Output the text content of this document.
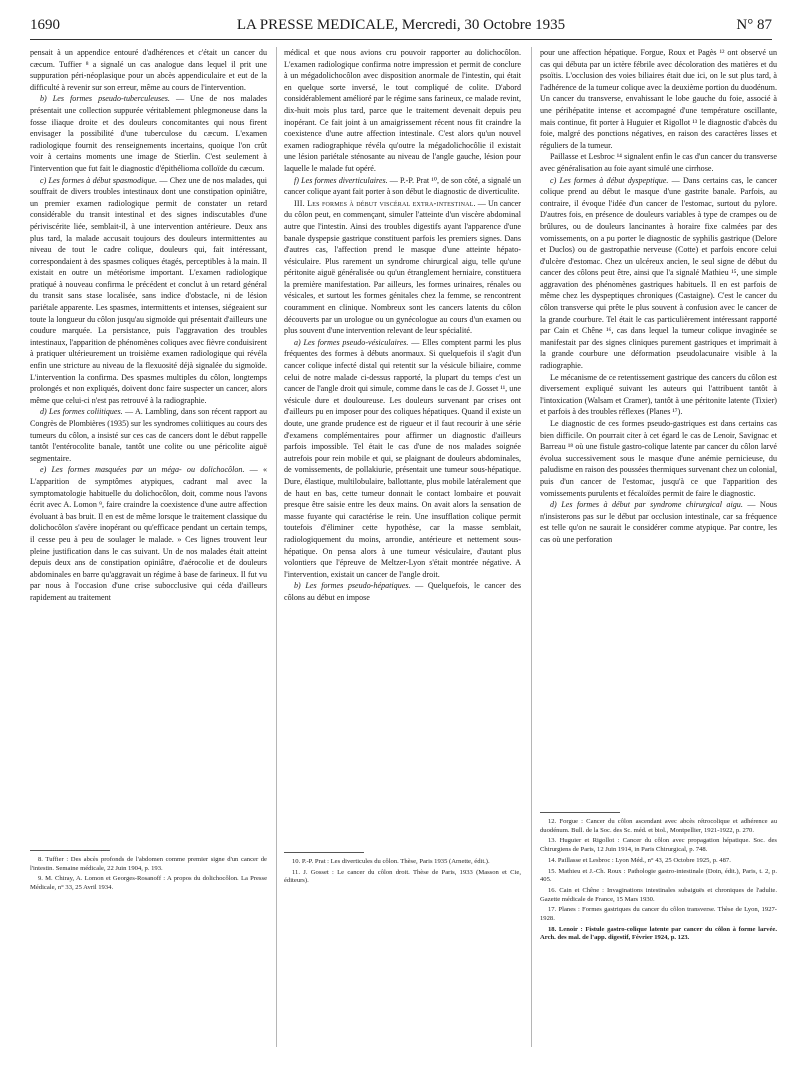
1690	LA PRESSE MEDICALE, Mercredi, 30 Octobre 1935	N° 87

pensait à un appendice entouré d'adhérences et c'était un cancer du cæcum. Tuffier ⁸ a signalé un cas analogue dans lequel il prit une suppuration péri-néoplasique pour un abcès appendiculaire et eut de la difficulté à revenir sur son erreur, même au cours de l'intervention.

b) Les formes pseudo-tuberculeuses. — Une de nos malades présentait une collection suppurée véritablement phlegmoneuse dans la fosse iliaque droite et des douleurs concomitantes qui nous firent envisager la possibilité d'une tuberculose du cæcum. L'examen radiologique fournit des renseignements incertains, quoique l'on crût voir à certains moments une image de Stierlin. C'est seulement à l'intervention que fut fait le diagnostic d'épithélioma colloïde du cæcum.

c) Les formes à début spasmodique. — Chez une de nos malades, qui souffrait de divers troubles intestinaux dont une constipation opiniâtre, un premier examen radiologique permit de constater un retard considérable du transit intestinal et des signes indiscutables d'une périviscérite liée, semblait-il, à une intervention antérieure. Deux ans plus tard, la malade accusait toujours des douleurs intermittentes au niveau de tout le cadre colique, douleurs qui, fait intéressant, correspondaient à des spasmes coliques étagés, perceptibles à la main. Il existait en outre un météorisme important. L'examen radiologique pratiqué à nouveau confirma le précédent et conclut à un retard général du transit sans stase localisée, sans indice d'obstacle, ni de lésion pariétale apparente. Les spasmes, intermittents et intenses, siégeaient sur toute la longueur du côlon jusqu'au sigmoïde qui présentait d'ailleurs une coudure marquée. La persistance, puis l'aggravation des troubles intestinaux, l'apparition de phénomènes coliques avec fièvre conduisirent à pratiquer ultérieurement un troisième examen radiologique qui révéla enfin une stricture au niveau de la flexuosité déjà signalée du sigmoïde. L'intervention la confirma. Des spasmes multiples du côlon, longtemps prolongés et non expliqués, doivent donc faire suspecter un cancer, alors même que celui-ci n'est pas retrouvé à la radiographie.

d) Les formes coliitiques. — A. Lambling, dans son récent rapport au Congrès de Plombières (1935) sur les syndromes coliitiques au cours des tumeurs du côlon, a insisté sur ces cas de cancers dont le début rappelle tantôt l'entérocolite banale, tantôt une colite ou une péricolite aiguë segmentaire.

e) Les formes masquées par un méga- ou dolichocôlon. — « L'apparition de symptômes atypiques, cadrant mal avec la symptomatologie habituelle du dolichocôlon, doit, comme nous l'avons écrit avec A. Lomon ⁹, faire craindre la coexistence d'une autre affection évoluant à bas bruit. Il en est de même lorsque le traitement classique du dolichocôlon s'avère inopérant ou qu'efficace pendant un certain temps, il cesse peu à peu de soulager le malade. » Ces lignes trouvent leur pleine justification dans le cas suivant. Un de nos malades était atteint depuis deux ans de constipation opiniâtre, d'aérocolie et de douleurs abdominales en barre qu'aggravait un régime à base de farineux. Il fut vu par nous à l'occasion d'une crise subocclusive qui céda d'ailleurs rapidement au traitement

médical et que nous avions cru pouvoir rapporter au dolichocôlon. L'examen radiologique confirma notre impression et permit de conclure à un mégadolichocôlon avec disposition anormale de l'intestin, qui était en quelque sorte inversé, le tout compliqué de colite. D'abord considérablement amélioré par le régime sans farineux, ce malade revint, dix-huit mois plus tard, parce que le traitement devenait depuis peu inopérant. Ce fait joint à un amaigrissement récent nous fit craindre la coexistence d'une autre affection intestinale. C'est alors qu'un nouvel examen radiographique révéla qu'outre la mégadolichocôlie il existait une lésion pariétale sténosante au niveau de l'angle gauche, lésion pour laquelle le malade fut opéré.

f) Les formes diverticulaires. — P.-P. Prat ¹⁰, de son côté, a signalé un cancer colique ayant fait porter à son début le diagnostic de diverticulite.

III. Les formes à début viscéral extra-intestinal. — Un cancer du côlon peut, en commençant, simuler l'atteinte d'un viscère abdominal autre que l'intestin. Ainsi des troubles digestifs ayant l'apparence d'une banale dyspepsie gastrique constituent parfois les premiers signes. Dans d'autres cas, l'affection prend le masque d'une atteinte hépato-vésiculaire. Plus rarement un syndrome chirurgical aigu, telle qu'une péritonite aiguë généralisée ou qu'un étranglement herniaire, constituera la première manifestation. Par ailleurs, les formes urinaires, rénales ou vésicales, et surtout les formes génitales chez la femme, se rencontrent couramment en clinique. Nombreux sont les cancers latents du côlon découverts par un urologue ou un gynécologue au cours d'un examen ou plus souvent d'une intervention relevant de leur spécialité.

a) Les formes pseudo-vésiculaires. — Elles comptent parmi les plus fréquentes des formes à débuts anormaux. Si quelquefois il s'agit d'un cancer colique infecté distal qui retentit sur la vésicule biliaire, comme celui de notre malade ci-dessus rapporté, la plupart du temps c'est un cancer de l'angle droit qui simule, comme dans le cas de J. Gosset ¹¹, une vésicule dure et douloureuse. Les douleurs survenant par crises ont d'ailleurs pu en imposer pour des coliques hépatiques. Quand il existe un doute, une grande prudence est de rigueur et il faut recourir à une série d'examens complémentaires pour affirmer un diagnostic d'ailleurs parfois impossible. Tel était le cas d'une de nos malades soignée autrefois pour rein mobile et qui, se plaignant de douleurs abdominales, de vomissements, de pollakiurie, présentait une tumeur sous-hépatique. Dure, élastique, multilobulaire, ballottante, plus mobile latéralement que de haut en bas, cette tumeur donnait le contact lombaire et pouvait presque être saisie entre les deux mains. On avait alors la sensation de masse fuyante qui caractérise le rein. Une insufflation colique permit toutefois d'éliminer cette hypothèse, car la masse semblait, radiologiquement du moins, arrondie, antérieure et nettement sous-hépatique. On pensa alors à une tumeur vésiculaire, d'autant plus volontiers que l'épreuve de Meltzer-Lyon s'était montrée négative. A l'intervention, existait un cancer de l'angle droit.

b) Les formes pseudo-hépatiques. — Quelquefois, le cancer des côlons au début en impose

pour une affection hépatique. Forgue, Roux et Pagès ¹² ont observé un cas qui débuta par un ictère fébrile avec décoloration des matières et du psoïtis. L'occlusion des voies biliaires était due ici, on le sut plus tard, à l'adhérence de la tumeur colique avec la deuxième portion du duodénum. Un cancer du transverse, envahissant le lobe gauche du foie, associé à une périhépatite intense et accompagné d'une température oscillante, mais continue, fit porter à Huguier et Rigollot ¹³ le diagnostic d'abcès du foie, malgré des ponctions négatives, en raison des caractères lisses et réguliers de la tumeur.

Paillasse et Lesbroc ¹⁴ signalent enfin le cas d'un cancer du transverse avec généralisation au foie ayant simulé une cirrhose.

c) Les formes à début dyspeptique. — Dans certains cas, le cancer colique prend au début le masque d'une gastrite banale. Parfois, au contraire, il évoque l'idée d'un cancer de l'estomac, surtout du pylore. D'autres fois, en présence de douleurs variables à type de crampes ou de brûlures, ou de douleurs lancinantes à horaire fixe calmées par des vomissements, on a pu porter le diagnostic de syphilis gastrique (Delore et Duclos) ou de gastropathie nerveuse (Cotte) et parfois encore celui d'ulcère d'estomac. Chez un ulcéreux ancien, le seul signe de début du cancer des côlons peut être, ainsi que l'a signalé Mathieu ¹⁵, une simple aggravation des phénomènes gastriques habituels. Il en est parfois de même chez les dyspeptiques chroniques (Castaigne). C'est le cancer du côlon transverse qui prête le plus souvent à confusion avec le cancer de la grande courbure. Tel était le cas particulièrement intéressant rapporté par Cain et Chêne ¹⁶, cas dans lequel la tumeur colique invaginée se manifestait par des signes cliniques purement gastriques et imprimait à la grande courbure une déformation pseudolacunaire visible à la radiographie.

Le mécanisme de ce retentissement gastrique des cancers du côlon est diversement expliqué suivant les auteurs qui l'attribuent tantôt à l'intoxication (Walsam et Cramer), tantôt à une péritonite latente (Tixier) et parfois à des troubles réflexes (Planes ¹⁷).

Le diagnostic de ces formes pseudo-gastriques est dans certains cas bien difficile. On pourrait citer à cet égard le cas de Lenoir, Savignac et Barreau ¹⁸ où une fistule gastro-colique latente par cancer du côlon larvé évolua successivement sous le masque d'une anémie pernicieuse, du paludisme en raison des poussées thermiques survenant chez un colonial, puis d'un cancer de l'estomac, jusqu'à ce que l'apparition des vomissements purulents et fécaloïdes permit de faire le diagnostic.

d) Les formes à début par syndrome chirurgical aigu. — Nous n'insisterons pas sur le début par occlusion intestinale, car sa fréquence est telle qu'on ne saurait le considérer comme atypique. Par contre, les cas où une perforation

8. Tuffier : Des abcès profonds de l'abdomen comme premier signe d'un cancer de l'intestin. Semaine médicale, 22 Juin 1904, p. 193.

9. M. Chiray, A. Lomon et Georges-Rosanoff : A propos du dolichocôlon. La Presse Médicale, n° 33, 25 Avril 1934.

10. P.-P. Prat : Les diverticules du côlon. Thèse, Paris 1935 (Arnette, édit.).

11. J. Gosset : Le cancer du côlon droit. Thèse de Paris, 1933 (Masson et Cie, éditeurs).

12. Forgue : Cancer du côlon ascendant avec abcès rétrocolique et adhérence au duodénum. Bull. de la Soc. des Sc. méd. et biol., Montpellier, 1921-1922, p. 270.

13. Huguier et Rigollot : Cancer du côlon avec propagation hépatique. Soc. des Chirurgiens de Paris, 12 Juin 1914, in Paris Chirurgical, p. 748.

14. Paillasse et Lesbroc : Lyon Méd., n° 43, 25 Octobre 1925, p. 487.

15. Mathieu et J.-Ch. Roux : Pathologie gastro-intestinale (Doin, édit.), Paris, t. 2, p. 405.

16. Cain et Chêne : Invaginations intestinales subaiguës et chroniques de l'adulte. Gazette médicale de France, 15 Mars 1930.

17. Planes : Formes gastriques du cancer du côlon transverse. Thèse de Lyon, 1927-1928.

18. Lenoir : Fistule gastro-colique latente par cancer du côlon à forme larvée. Arch. des mal. de l'app. digestif, Février 1924, p. 123.
